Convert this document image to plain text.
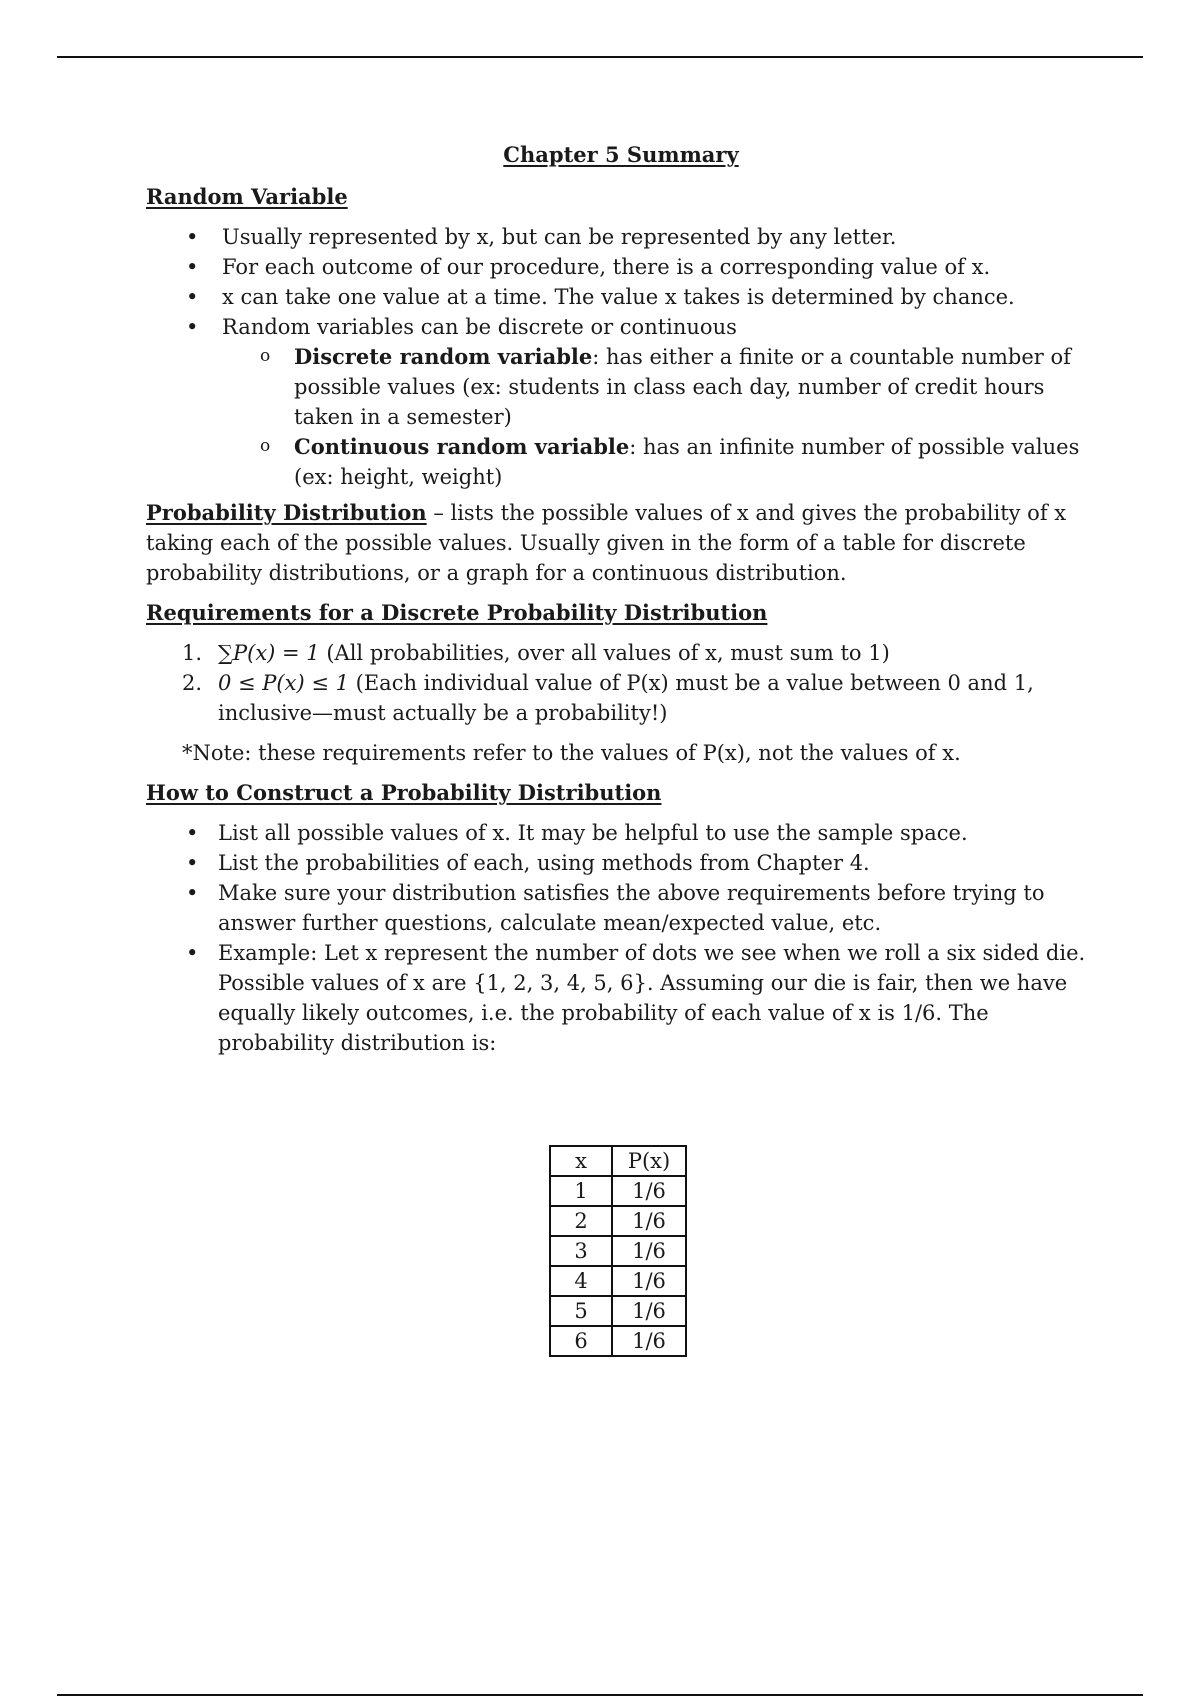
Chapter 5 Summary
Random Variable
• Usually represented by x, but can be represented by any letter.
• For each outcome of our procedure, there is a corresponding value of x.
• x can take one value at a time. The value x takes is determined by chance.
• Random variables can be discrete or continuous
o Discrete random variable: has either a finite or a countable number of possible values (ex: students in class each day, number of credit hours taken in a semester)
o Continuous random variable: has an infinite number of possible values (ex: height, weight)

Probability Distribution – lists the possible values of x and gives the probability of x taking each of the possible values. Usually given in the form of a table for discrete probability distributions, or a graph for a continuous distribution.

Requirements for a Discrete Probability Distribution
1. ∑P(x) = 1 (All probabilities, over all values of x, must sum to 1)
2. 0 ≤ P(x) ≤ 1 (Each individual value of P(x) must be a value between 0 and 1, inclusive—must actually be a probability!)

*Note: these requirements refer to the values of P(x), not the values of x.

How to Construct a Probability Distribution
• List all possible values of x. It may be helpful to use the sample space.
• List the probabilities of each, using methods from Chapter 4.
• Make sure your distribution satisfies the above requirements before trying to answer further questions, calculate mean/expected value, etc.
• Example: Let x represent the number of dots we see when we roll a six sided die. Possible values of x are {1, 2, 3, 4, 5, 6}. Assuming our die is fair, then we have equally likely outcomes, i.e. the probability of each value of x is 1/6. The probability distribution is:
x	P(x)
1	1/6
2	1/6
3	1/6
4	1/6
5	1/6
6	1/6
